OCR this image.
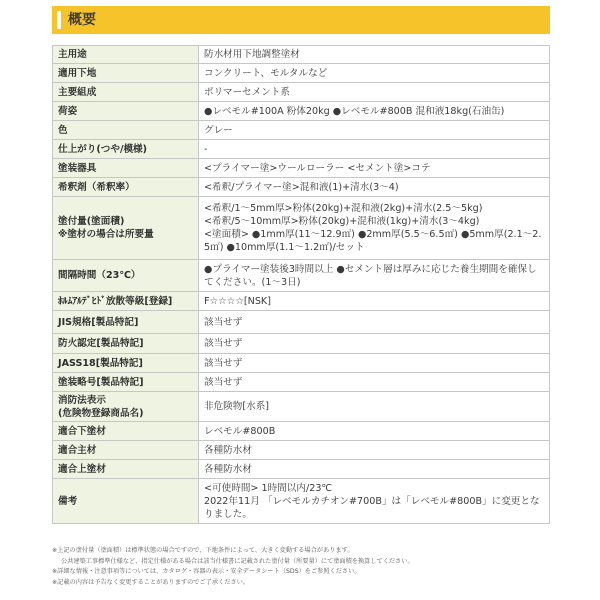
概要
主用途	防水材用下地調整塗材
適用下地	コンクリート、モルタルなど
主要組成	ポリマーセメント系
荷姿	●レベモル#100A 粉体20kg ●レベモル#800B 混和液18kg(石油缶)
色	グレー
仕上がり(つや/模様)	-
塗装器具	<プライマー塗>ウールローラー <セメント塗>コテ
希釈剤（希釈率）	<希釈/プライマー塗>混和液(1)+清水(3～4)
塗付量(塗面積)
※塗材の場合は所要量	<希釈/1～5mm厚>粉体(20kg)+混和液(2kg)+清水(2.5～5kg)
<希釈/5～10mm厚>粉体(20kg)+混和液(1kg)+清水(3～4kg)
<塗面積> ●1mm厚(11～12.9㎡) ●2mm厚(5.5～6.5㎡) ●5mm厚(2.1～2.5㎡) ●10mm厚(1.1～1.2㎡)/セット
間隔時間（23℃）	●プライマー塗装後3時間以上 ●セメント層は厚みに応じた養生期間を確保してください。(1～3日)
ﾎﾙﾑｱﾙﾃﾞﾋﾄﾞ放散等級[登録]	F☆☆☆☆[NSK]
JIS規格[製品特記]	該当せず
防火認定[製品特記]	該当せず
JASS18[製品特記]	該当せず
塗装略号[製品特記]	該当せず
消防法表示
(危険物登録商品名)	非危険物[水系]
適合下塗材	レベモル#800B
適合主材	各種防水材
適合上塗材	各種防水材
備考	<可使時間> 1時間以内/23℃
2022年11月 「レベモルカチオン#700B」は「レベモル#800B」に変更となりました。
※上記の塗付量（塗面積）は標準状態の場合ですので、下地条件によって、大きく変動する場合があります。
公共建築工事標準仕様など、指定仕様がある場合は該当仕様書に記載された塗付量（所要量）にて塗面積を換算してください。
※詳細な情報・注意事項等については、カタログ・容器の表示・安全データシート（SDS）をご参照ください。
※記載の内容は予告なく変更することがありますのでご了承ください。
